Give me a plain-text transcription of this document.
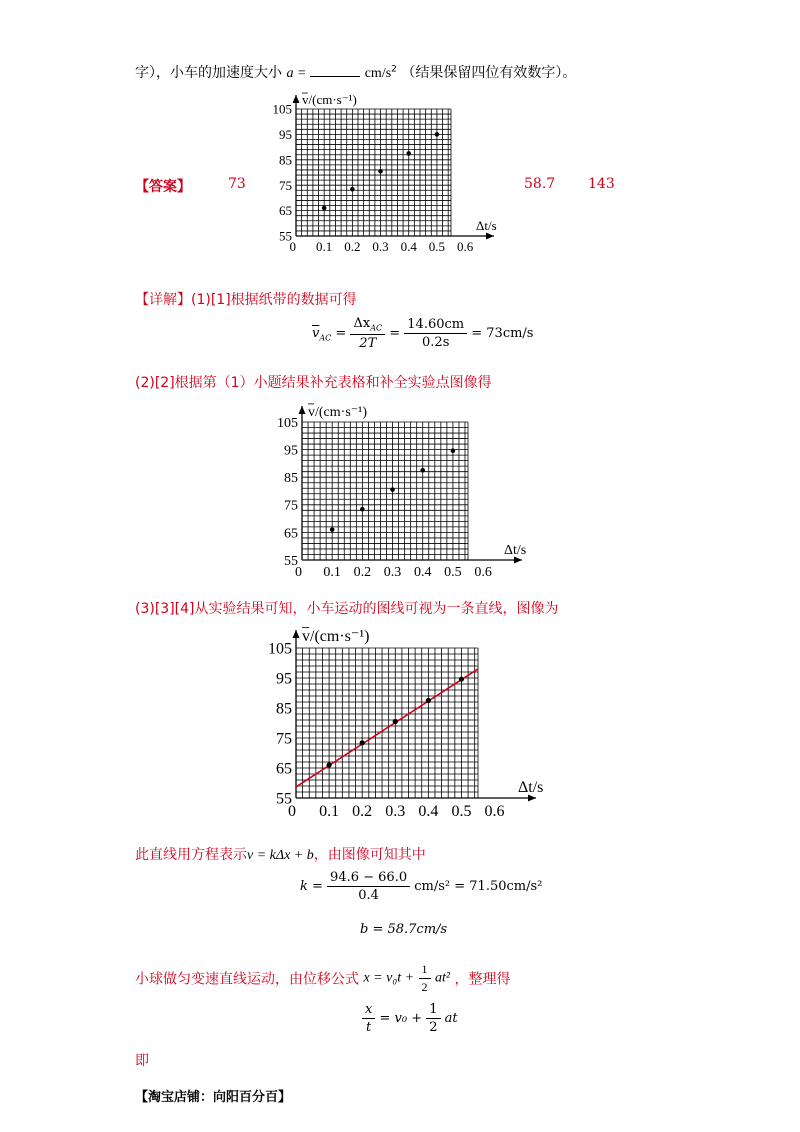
字），小车的加速度大小 a =	$cm/s^2$ （结果保留四位有效数字）。
0 0.1 0.2 0.3 0.4 0.5 0.6
55
65
75
85
95
105
v/(cm·s⁻¹)
Δt/s
【答案】	73	58.7 143
【详解】(1)[1]根据纸带的数据可得
$\overline{v}_{AC} = \frac{\Delta x_{AC}}{2T} = \frac{14.60cm}{0.2s} = 73cm/s$
(2)[2]根据第（1）小题结果补充表格和补全实验点图像得
0 0.1 0.2 0.3 0.4 0.5 0.6
55
65
75
85
95
105
v/(cm·s⁻¹)
Δt/s
(3)[3][4]从实验结果可知，小车运动的图线可视为一条直线，图像为
0 0.1 0.2 0.3 0.4 0.5 0.6
55
65
75
85
95
105
v/(cm·s⁻¹)
Δt/s
此直线用方程表示v = kΔx + b，由图像可知其中
$k = \frac{94.6 - 66.0}{0.4} cm/s^2 = 71.50cm/s^2$
b = 58.7cm/s
小球做匀变速直线运动，由位移公式 $x = v_0t + \frac{1}{2} at^2$ ，整理得
$\frac{x}{t} = v_0 + \frac{1}{2}$ at
即
【淘宝店铺：向阳百分百】
